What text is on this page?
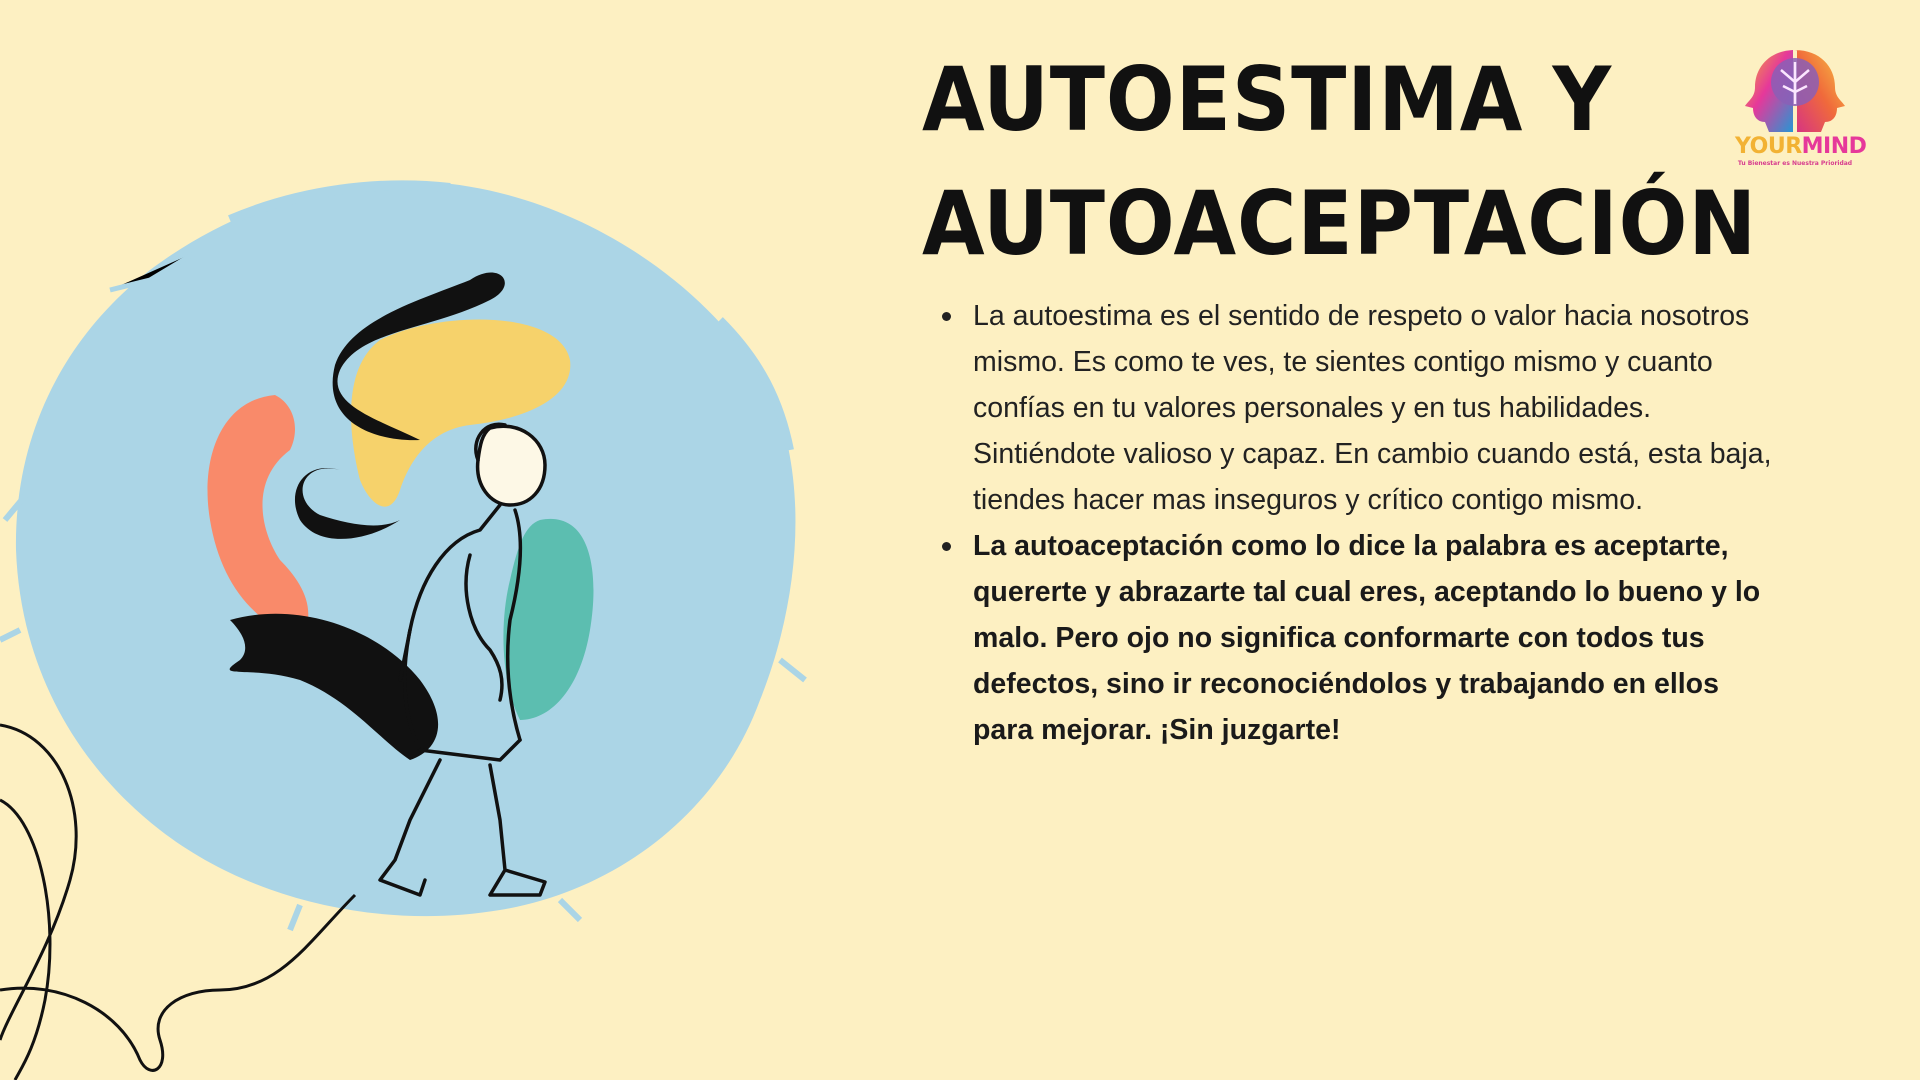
YOURMIND
Tu Bienestar es Nuestra Prioridad
AUTOESTIMA Y
AUTOACEPTACIÓN

La autoestima es el sentido de respeto o valor hacia nosotros mismo. Es como te ves, te sientes contigo mismo y cuanto confías en tu valores personales y en tus habilidades. Sintiéndote valioso y capaz. En cambio cuando está, esta baja, tiendes hacer mas inseguros y crítico contigo mismo.

La autoaceptación como lo dice la palabra es aceptarte, quererte y abrazarte tal cual eres, aceptando lo bueno y lo malo. Pero ojo no significa conformarte con todos tus defectos, sino ir reconociéndolos y trabajando en ellos para mejorar. ¡Sin juzgarte!
